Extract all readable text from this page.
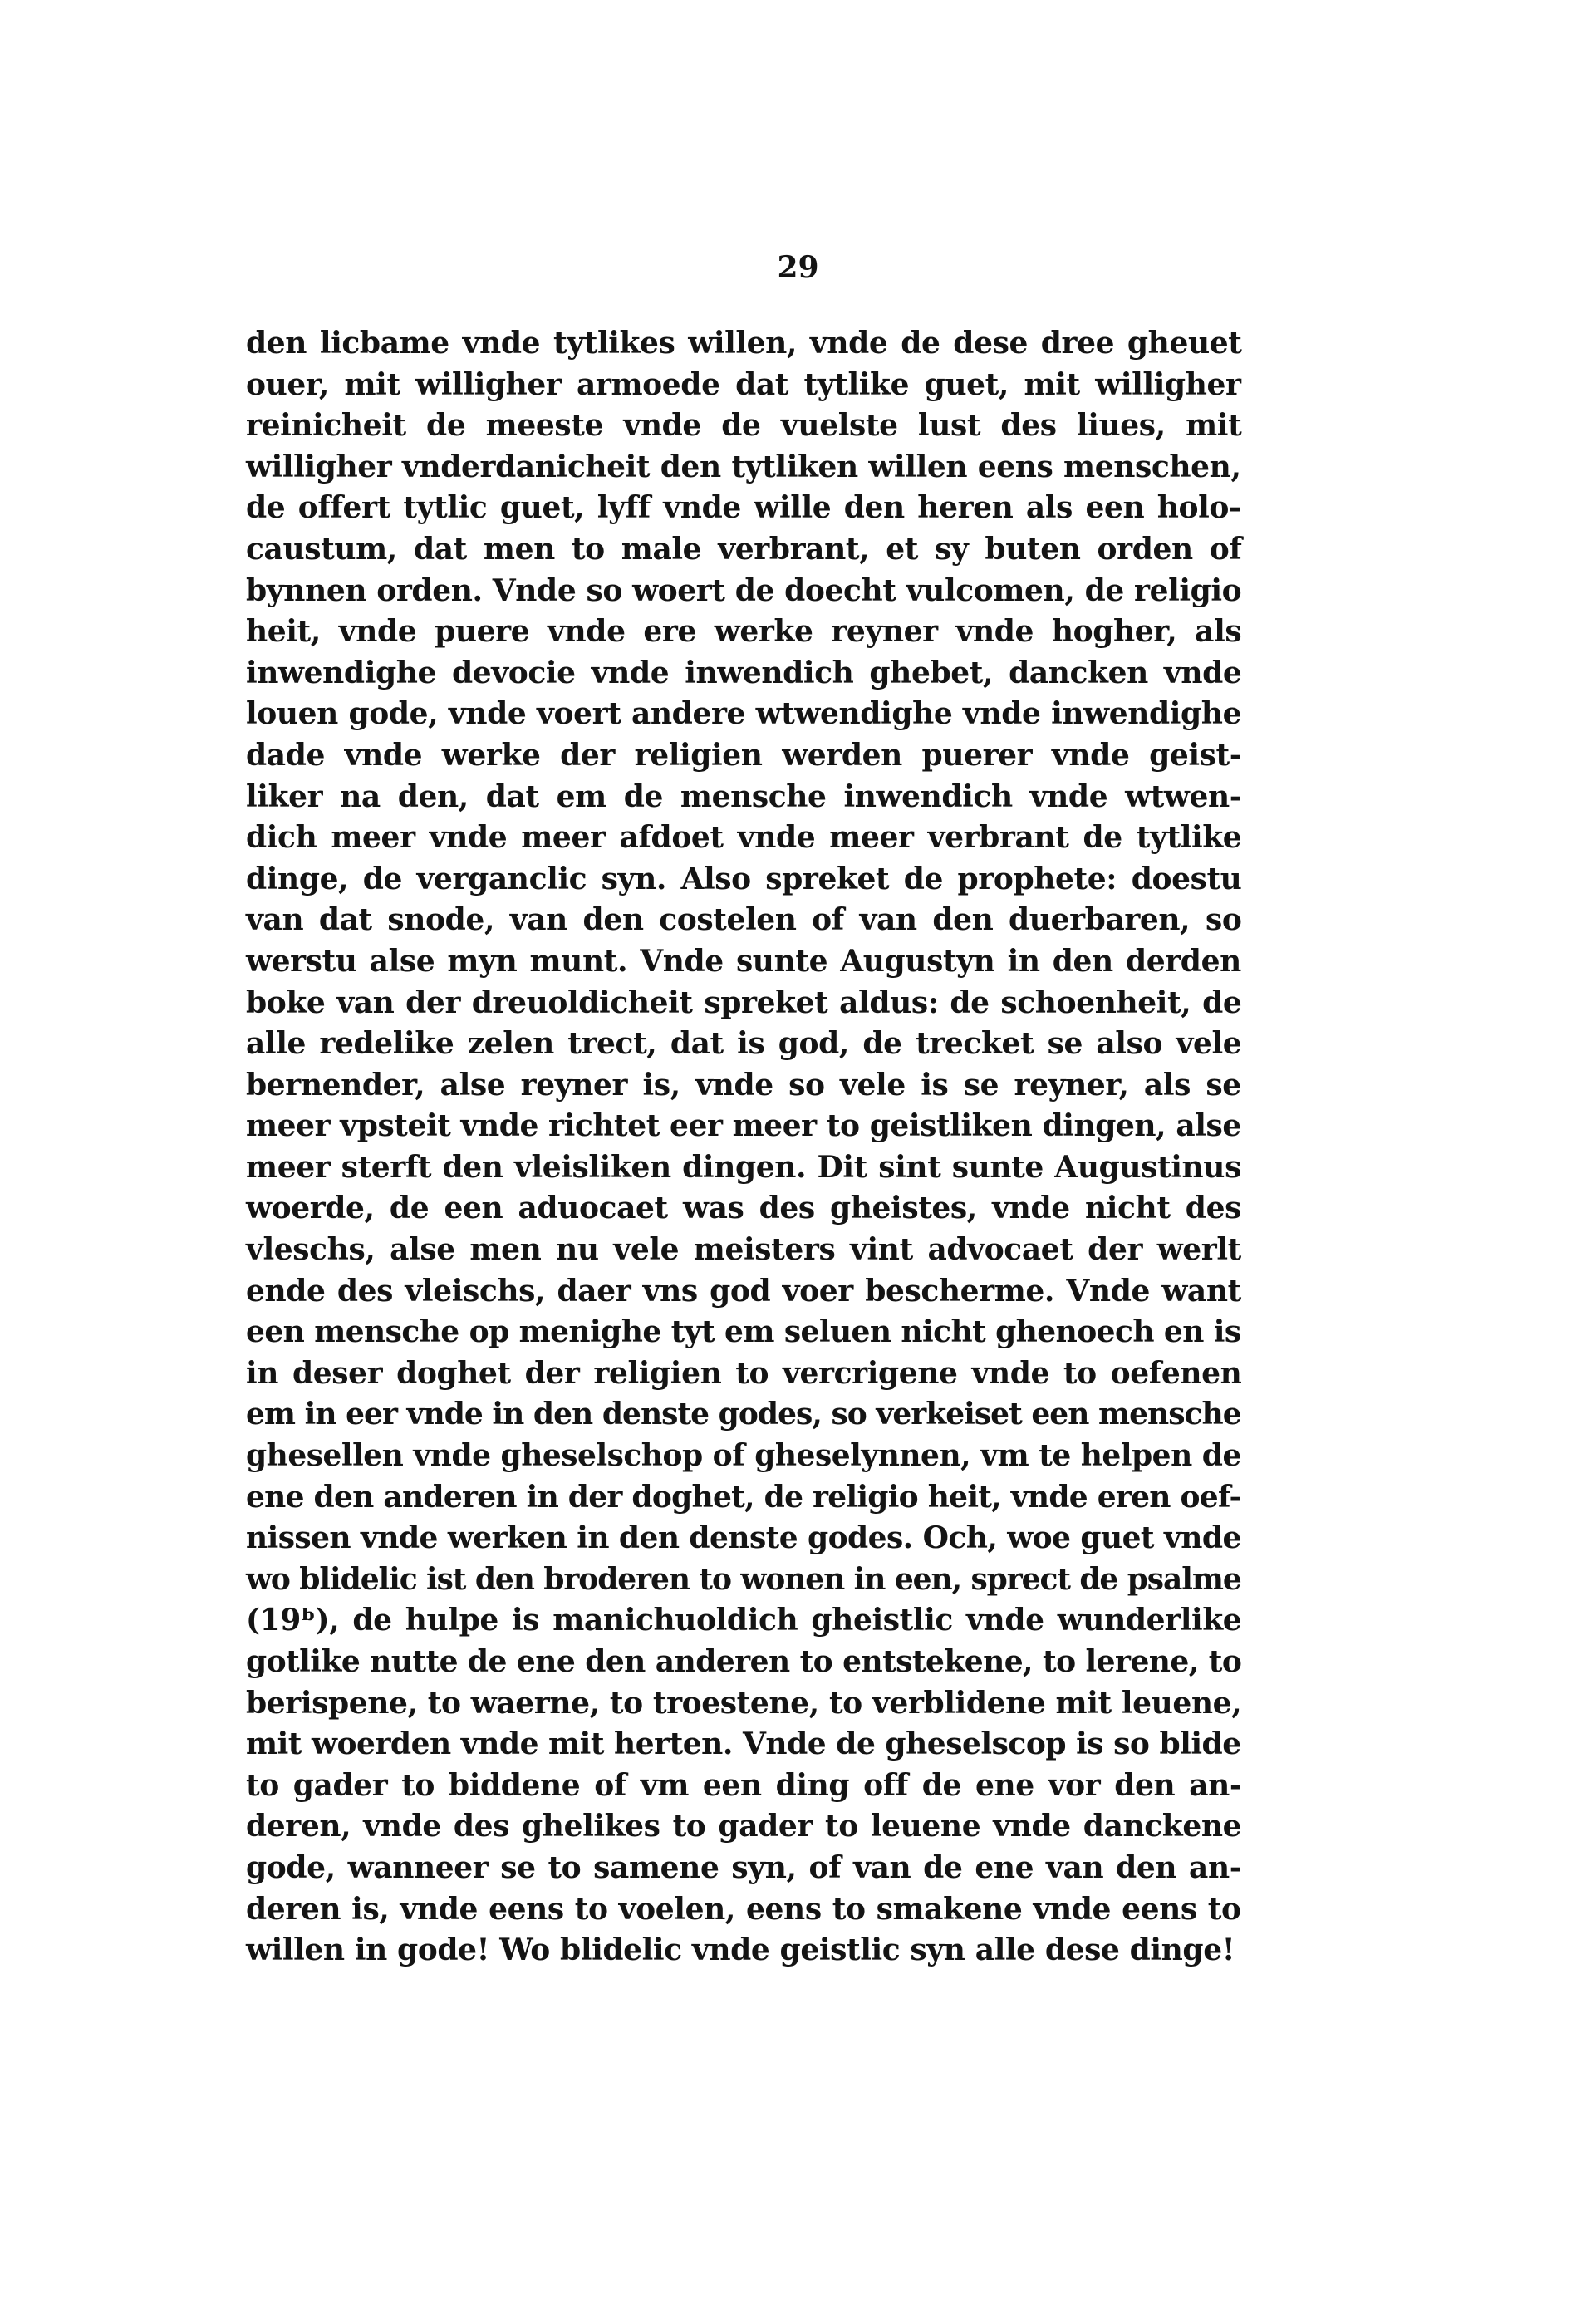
29
den licbame vnde tytlikes willen, vnde de dese dree gheuet
ouer, mit willigher armoede dat tytlike guet, mit willigher
reinicheit de meeste vnde de vuelste lust des liues, mit
willigher vnderdanicheit den tytliken willen eens menschen,
de offert tytlic guet, lyff vnde wille den heren als een holo-
caustum, dat men to male verbrant, et sy buten orden of
bynnen orden. Vnde so woert de doecht vulcomen, de religio
heit, vnde puere vnde ere werke reyner vnde hogher, als
inwendighe devocie vnde inwendich ghebet, dancken vnde
louen gode, vnde voert andere wtwendighe vnde inwendighe
dade vnde werke der religien werden puerer vnde geist-
liker na den, dat em de mensche inwendich vnde wtwen-
dich meer vnde meer afdoet vnde meer verbrant de tytlike
dinge, de verganclic syn. Also spreket de prophete: doestu
van dat snode, van den costelen of van den duerbaren, so
werstu alse myn munt. Vnde sunte Augustyn in den derden
boke van der dreuoldicheit spreket aldus: de schoenheit, de
alle redelike zelen trect, dat is god, de trecket se also vele
bernender, alse reyner is, vnde so vele is se reyner, als se
meer vpsteit vnde richtet eer meer to geistliken dingen, alse
meer sterft den vleisliken dingen. Dit sint sunte Augustinus
woerde, de een aduocaet was des gheistes, vnde nicht des
vleschs, alse men nu vele meisters vint advocaet der werlt
ende des vleischs, daer vns god voer bescherme. Vnde want
een mensche op menighe tyt em seluen nicht ghenoech en is
in deser doghet der religien to vercrigene vnde to oefenen
em in eer vnde in den denste godes, so verkeiset een mensche
ghesellen vnde gheselschop of gheselynnen, vm te helpen de
ene den anderen in der doghet, de religio heit, vnde eren oef-
nissen vnde werken in den denste godes. Och, woe guet vnde
wo blidelic ist den broderen to wonen in een, sprect de psalme
(19ᵇ), de hulpe is manichuoldich gheistlic vnde wunderlike
gotlike nutte de ene den anderen to entstekene, to lerene, to
berispene, to waerne, to troestene, to verblidene mit leuene,
mit woerden vnde mit herten. Vnde de gheselscop is so blide
to gader to biddene of vm een ding off de ene vor den an-
deren, vnde des ghelikes to gader to leuene vnde danckene
gode, wanneer se to samene syn, of van de ene van den an-
deren is, vnde eens to voelen, eens to smakene vnde eens to
willen in gode! Wo blidelic vnde geistlic syn alle dese dinge!
